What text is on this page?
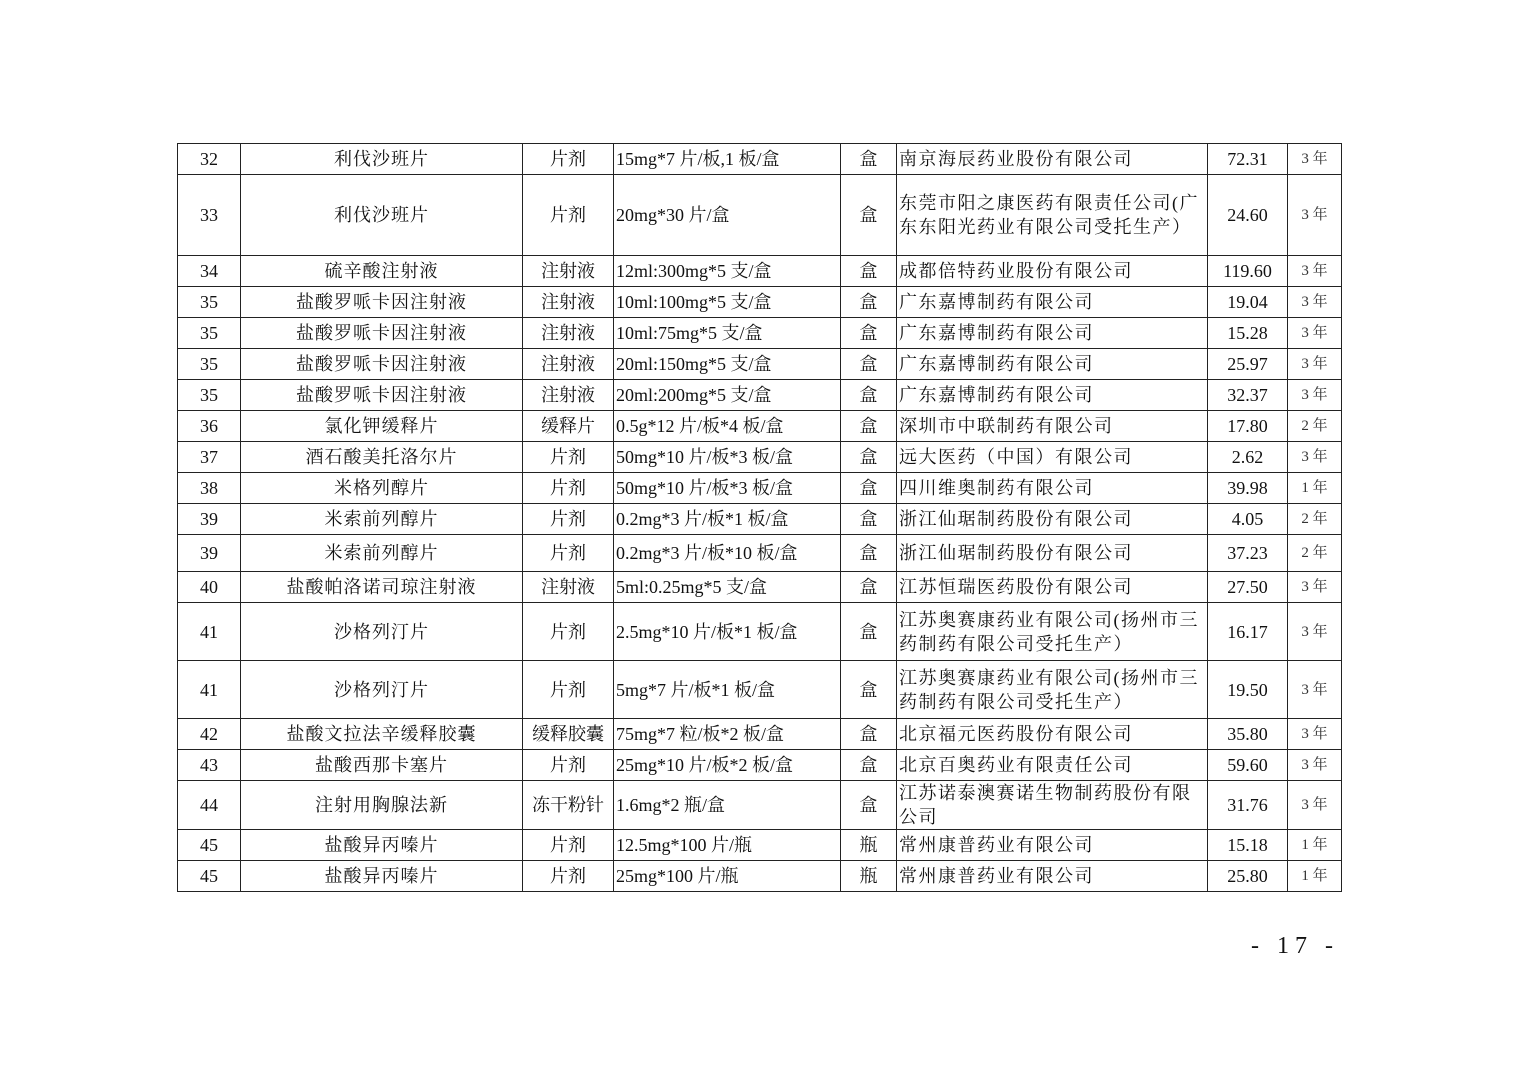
32	利伐沙班片	片剂	15mg*7 片/板,1 板/盒	盒	南京海辰药业股份有限公司	72.31	3 年
33	利伐沙班片	片剂	20mg*30 片/盒	盒	东莞市阳之康医药有限责任公司(广东东阳光药业有限公司受托生产）	24.60	3 年
34	硫辛酸注射液	注射液	12ml:300mg*5 支/盒	盒	成都倍特药业股份有限公司	119.60	3 年
35	盐酸罗哌卡因注射液	注射液	10ml:100mg*5 支/盒	盒	广东嘉博制药有限公司	19.04	3 年
35	盐酸罗哌卡因注射液	注射液	10ml:75mg*5 支/盒	盒	广东嘉博制药有限公司	15.28	3 年
35	盐酸罗哌卡因注射液	注射液	20ml:150mg*5 支/盒	盒	广东嘉博制药有限公司	25.97	3 年
35	盐酸罗哌卡因注射液	注射液	20ml:200mg*5 支/盒	盒	广东嘉博制药有限公司	32.37	3 年
36	氯化钾缓释片	缓释片	0.5g*12 片/板*4 板/盒	盒	深圳市中联制药有限公司	17.80	2 年
37	酒石酸美托洛尔片	片剂	50mg*10 片/板*3 板/盒	盒	远大医药（中国）有限公司	2.62	3 年
38	米格列醇片	片剂	50mg*10 片/板*3 板/盒	盒	四川维奥制药有限公司	39.98	1 年
39	米索前列醇片	片剂	0.2mg*3 片/板*1 板/盒	盒	浙江仙琚制药股份有限公司	4.05	2 年
39	米索前列醇片	片剂	0.2mg*3 片/板*10 板/盒	盒	浙江仙琚制药股份有限公司	37.23	2 年
40	盐酸帕洛诺司琼注射液	注射液	5ml:0.25mg*5 支/盒	盒	江苏恒瑞医药股份有限公司	27.50	3 年
41	沙格列汀片	片剂	2.5mg*10 片/板*1 板/盒	盒	江苏奥赛康药业有限公司(扬州市三药制药有限公司受托生产）	16.17	3 年
41	沙格列汀片	片剂	5mg*7 片/板*1 板/盒	盒	江苏奥赛康药业有限公司(扬州市三药制药有限公司受托生产）	19.50	3 年
42	盐酸文拉法辛缓释胶囊	缓释胶囊	75mg*7 粒/板*2 板/盒	盒	北京福元医药股份有限公司	35.80	3 年
43	盐酸西那卡塞片	片剂	25mg*10 片/板*2 板/盒	盒	北京百奥药业有限责任公司	59.60	3 年
44	注射用胸腺法新	冻干粉针	1.6mg*2 瓶/盒	盒	江苏诺泰澳赛诺生物制药股份有限公司	31.76	3 年
45	盐酸异丙嗪片	片剂	12.5mg*100 片/瓶	瓶	常州康普药业有限公司	15.18	1 年
45	盐酸异丙嗪片	片剂	25mg*100 片/瓶	瓶	常州康普药业有限公司	25.80	1 年
- 17 -
